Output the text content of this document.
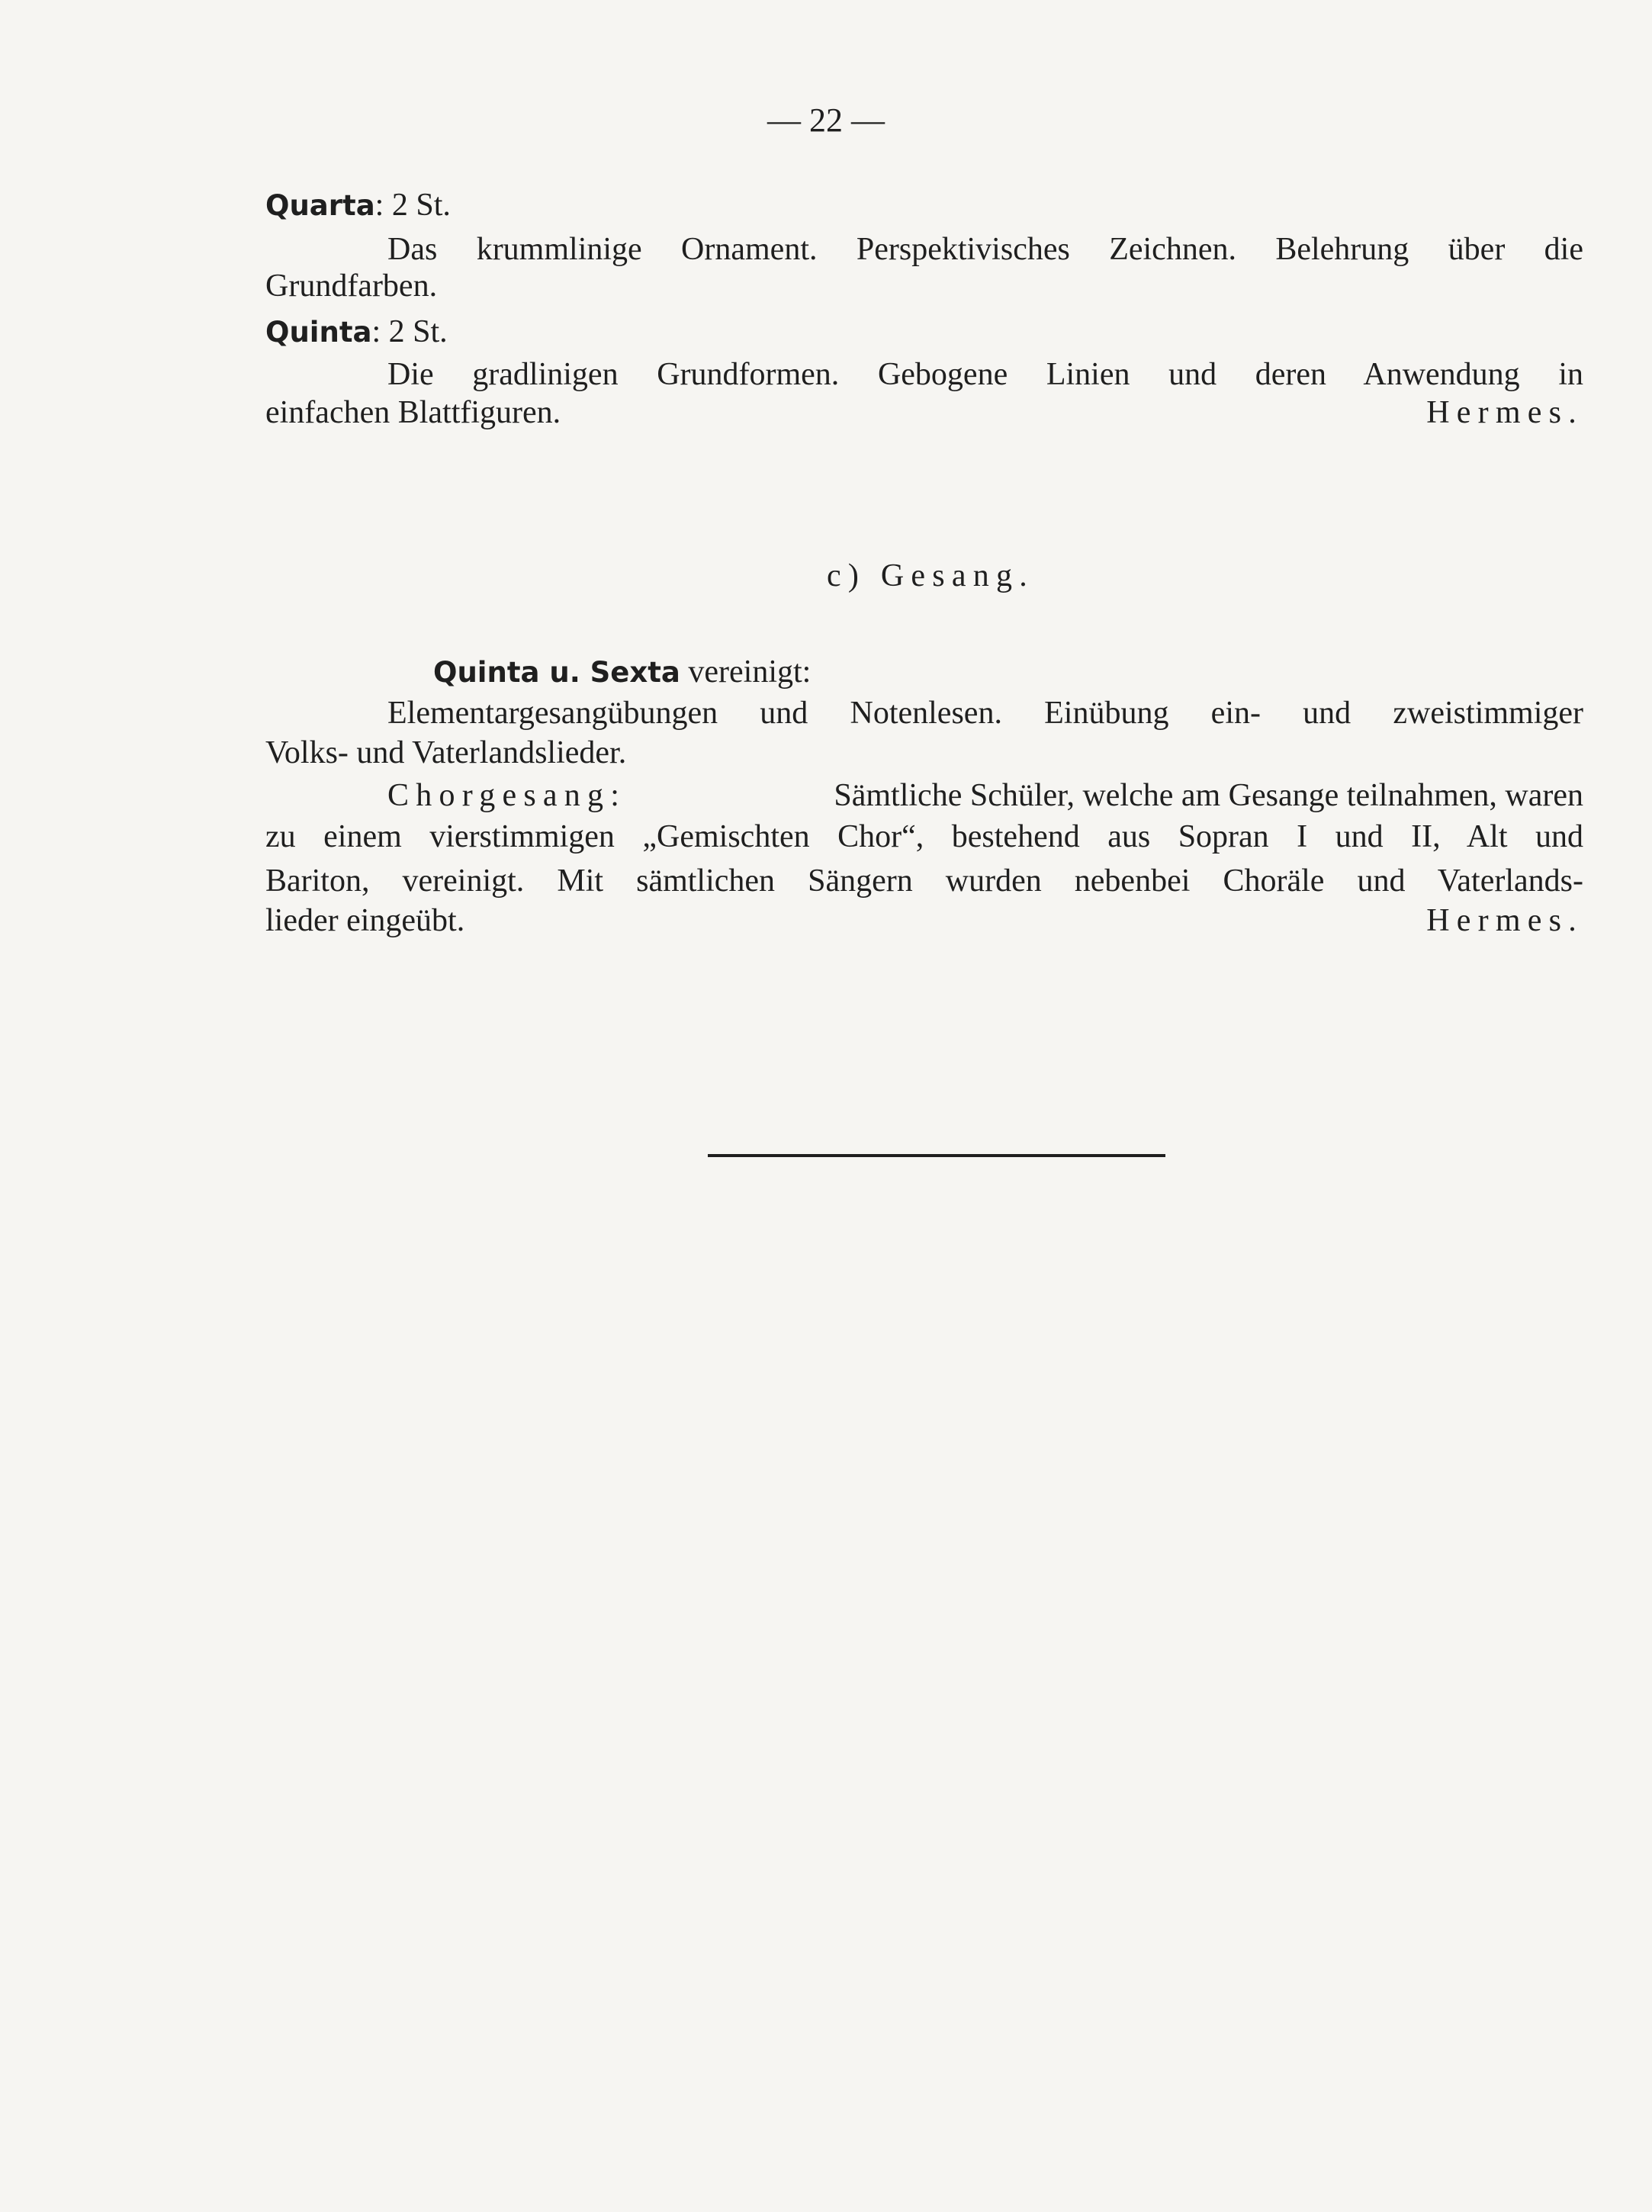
— 22 —
Quarta: 2 St.
Das krummlinige Ornament. Perspektivisches Zeichnen. Belehrung über die
Grundfarben.
Quinta: 2 St.
Die gradlinigen Grundformen. Gebogene Linien und deren Anwendung in
einfachen Blattfiguren.	Hermes.
c) Gesang.
Quinta u. Sexta vereinigt:
Elementargesangübungen und Notenlesen. Einübung ein- und zweistimmiger
Volks- und Vaterlandslieder.
Chorgesang:	Sämtliche Schüler, welche am Gesange teilnahmen, waren
zu einem vierstimmigen „Gemischten Chor“, bestehend aus Sopran I und II, Alt und
Bariton, vereinigt. Mit sämtlichen Sängern wurden nebenbei Choräle und Vaterlands-
lieder eingeübt.	Hermes.
